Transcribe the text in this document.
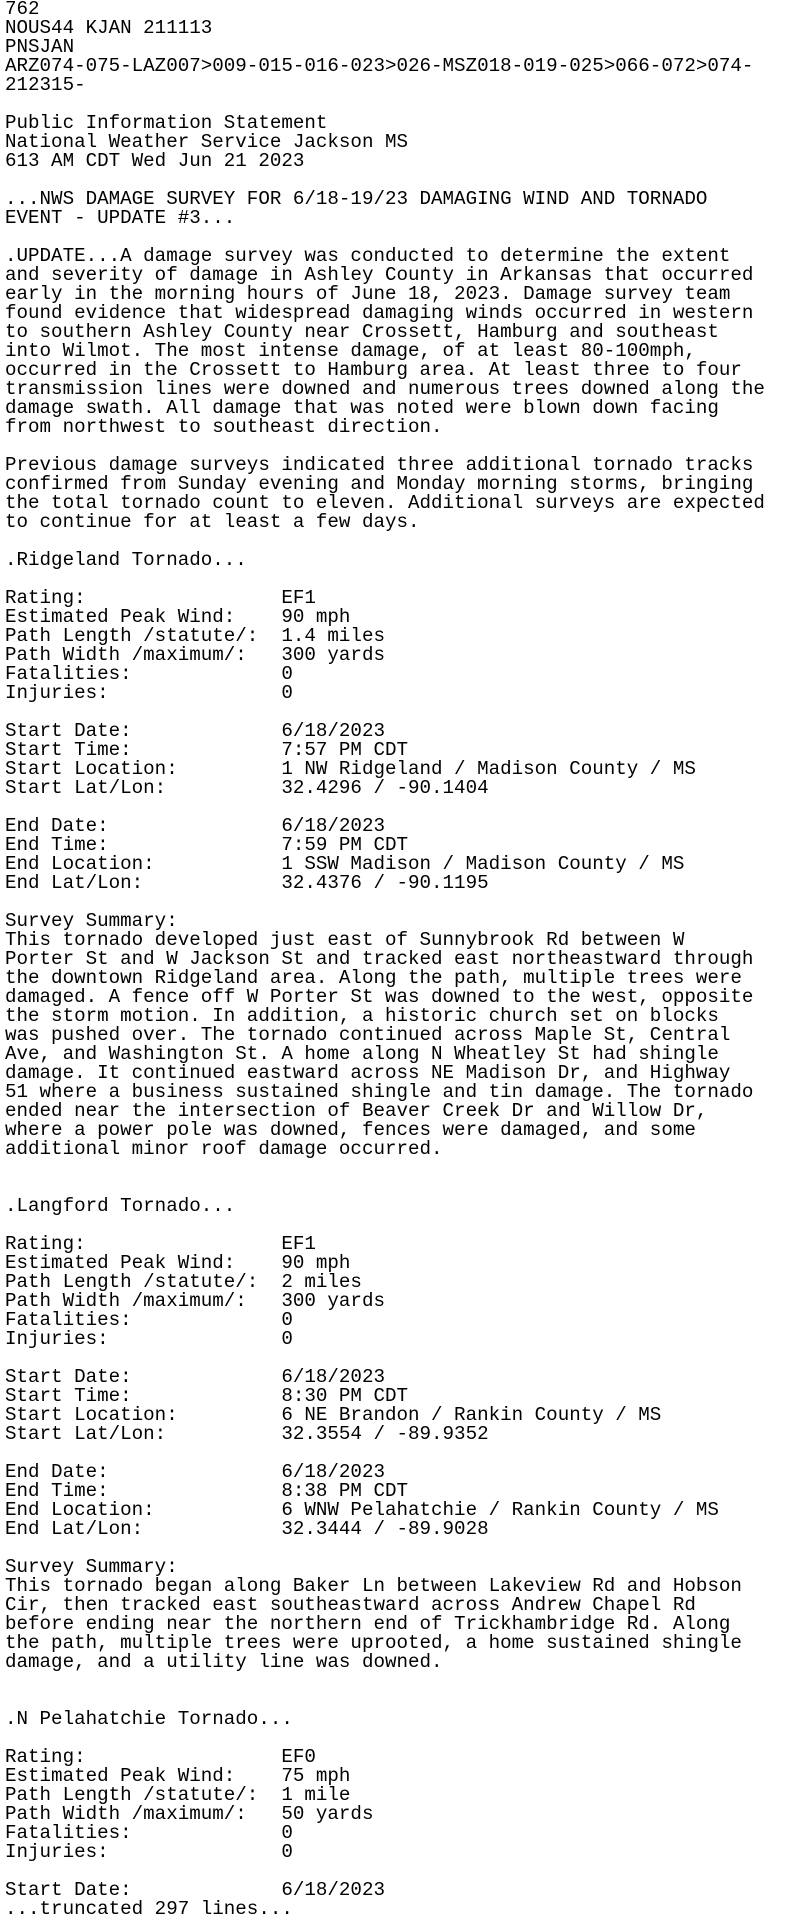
762
NOUS44 KJAN 211113
PNSJAN
ARZ074-075-LAZ007>009-015-016-023>026-MSZ018-019-025>066-072>074-
212315-
Public Information Statement
National Weather Service Jackson MS
613 AM CDT Wed Jun 21 2023
...NWS DAMAGE SURVEY FOR 6/18-19/23 DAMAGING WIND AND TORNADO
EVENT - UPDATE #3...
.UPDATE...A damage survey was conducted to determine the extent
and severity of damage in Ashley County in Arkansas that occurred
early in the morning hours of June 18, 2023. Damage survey team
found evidence that widespread damaging winds occurred in western
to southern Ashley County near Crossett, Hamburg and southeast
into Wilmot. The most intense damage, of at least 80-100mph,
occurred in the Crossett to Hamburg area. At least three to four
transmission lines were downed and numerous trees downed along the
damage swath. All damage that was noted were blown down facing
from northwest to southeast direction.
Previous damage surveys indicated three additional tornado tracks
confirmed from Sunday evening and Monday morning storms, bringing
the total tornado count to eleven. Additional surveys are expected
to continue for at least a few days.
.Ridgeland Tornado...
Rating:                 EF1
Estimated Peak Wind:    90 mph
Path Length /statute/:  1.4 miles
Path Width /maximum/:   300 yards
Fatalities:             0
Injuries:               0
Start Date:             6/18/2023
Start Time:             7:57 PM CDT
Start Location:         1 NW Ridgeland / Madison County / MS
Start Lat/Lon:          32.4296 / -90.1404
End Date:               6/18/2023
End Time:               7:59 PM CDT
End Location:           1 SSW Madison / Madison County / MS
End Lat/Lon:            32.4376 / -90.1195
Survey Summary:
This tornado developed just east of Sunnybrook Rd between W
Porter St and W Jackson St and tracked east northeastward through
the downtown Ridgeland area. Along the path, multiple trees were
damaged. A fence off W Porter St was downed to the west, opposite
the storm motion. In addition, a historic church set on blocks
was pushed over. The tornado continued across Maple St, Central
Ave, and Washington St. A home along N Wheatley St had shingle
damage. It continued eastward across NE Madison Dr, and Highway
51 where a business sustained shingle and tin damage. The tornado
ended near the intersection of Beaver Creek Dr and Willow Dr,
where a power pole was downed, fences were damaged, and some
additional minor roof damage occurred.
.Langford Tornado...
Rating:                 EF1
Estimated Peak Wind:    90 mph
Path Length /statute/:  2 miles
Path Width /maximum/:   300 yards
Fatalities:             0
Injuries:               0
Start Date:             6/18/2023
Start Time:             8:30 PM CDT
Start Location:         6 NE Brandon / Rankin County / MS
Start Lat/Lon:          32.3554 / -89.9352
End Date:               6/18/2023
End Time:               8:38 PM CDT
End Location:           6 WNW Pelahatchie / Rankin County / MS
End Lat/Lon:            32.3444 / -89.9028
Survey Summary:
This tornado began along Baker Ln between Lakeview Rd and Hobson
Cir, then tracked east southeastward across Andrew Chapel Rd
before ending near the northern end of Trickhambridge Rd. Along
the path, multiple trees were uprooted, a home sustained shingle
damage, and a utility line was downed.
.N Pelahatchie Tornado...
Rating:                 EF0
Estimated Peak Wind:    75 mph
Path Length /statute/:  1 mile
Path Width /maximum/:   50 yards
Fatalities:             0
Injuries:               0
Start Date:             6/18/2023
...truncated 297 lines...
